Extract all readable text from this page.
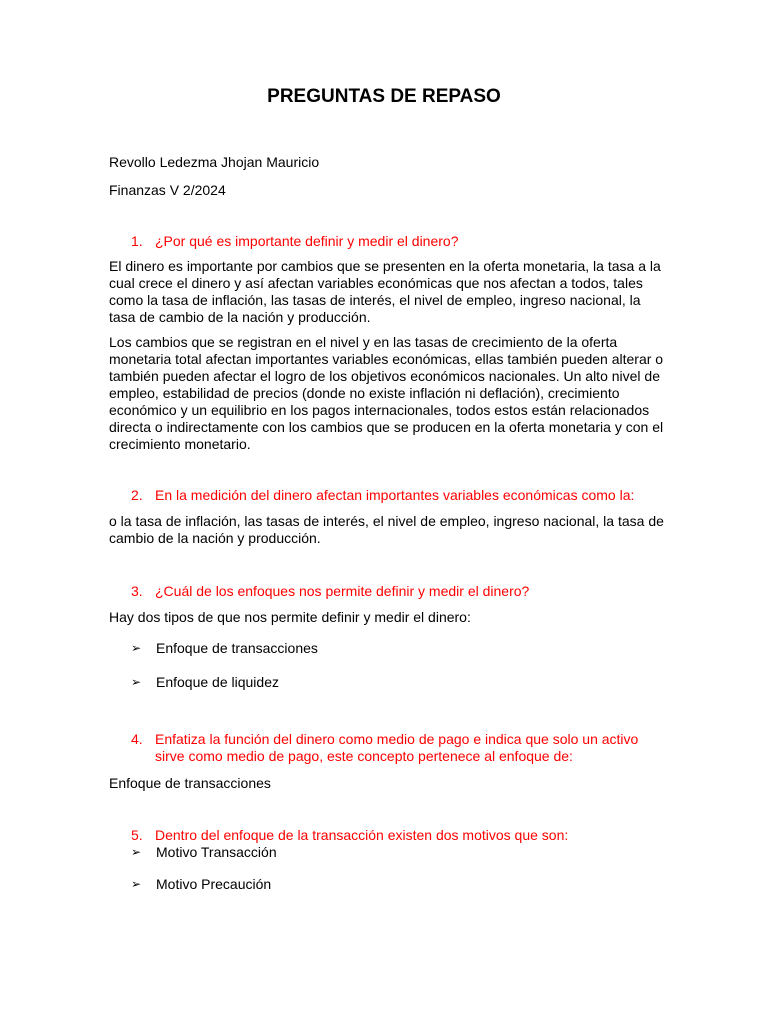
PREGUNTAS DE REPASO
Revollo Ledezma Jhojan Mauricio
Finanzas V 2/2024
1. ¿Por qué es importante definir y medir el dinero?
El dinero es importante por cambios que se presenten en la oferta monetaria, la tasa a la cual crece el dinero y así afectan variables económicas que nos afectan a todos, tales como la tasa de inflación, las tasas de interés, el nivel de empleo, ingreso nacional, la tasa de cambio de la nación y producción.
Los cambios que se registran en el nivel y en las tasas de crecimiento de la oferta monetaria total afectan importantes variables económicas, ellas también pueden alterar o también pueden afectar el logro de los objetivos económicos nacionales. Un alto nivel de empleo, estabilidad de precios (donde no existe inflación ni deflación), crecimiento económico y un equilibrio en los pagos internacionales, todos estos están relacionados directa o indirectamente con los cambios que se producen en la oferta monetaria y con el crecimiento monetario.
2. En la medición del dinero afectan importantes variables económicas como la:
o la tasa de inflación, las tasas de interés, el nivel de empleo, ingreso nacional, la tasa de cambio de la nación y producción.
3. ¿Cuál de los enfoques nos permite definir y medir el dinero?
Hay dos tipos de que nos permite definir y medir el dinero:
➢ Enfoque de transacciones
➢ Enfoque de liquidez
4. Enfatiza la función del dinero como medio de pago e indica que solo un activo sirve como medio de pago, este concepto pertenece al enfoque de:
Enfoque de transacciones
5. Dentro del enfoque de la transacción existen dos motivos que son:
➢ Motivo Transacción
➢ Motivo Precaución
